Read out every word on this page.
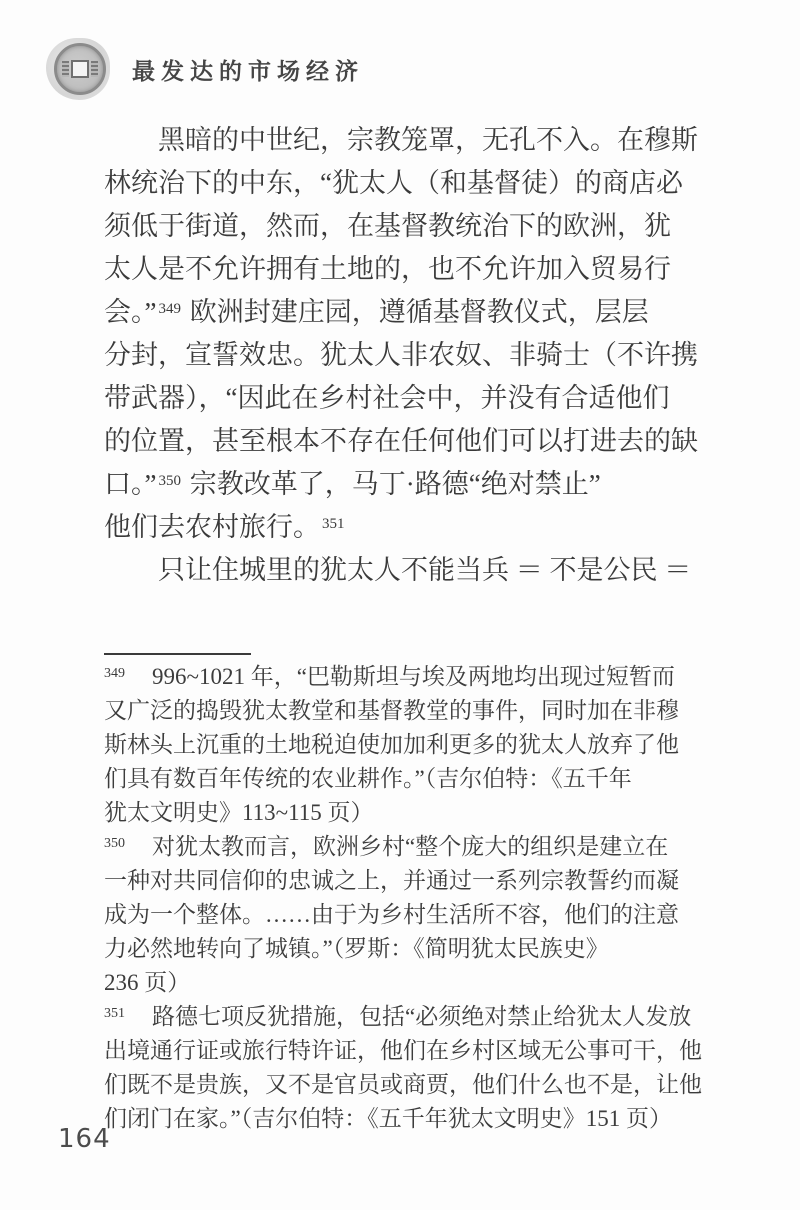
最发达的市场经济
黑暗的中世纪，宗教笼罩，无孔不入。在穆斯
林统治下的中东，“犹太人（和基督徒）的商店必
须低于街道，然而，在基督教统治下的欧洲，犹
太人是不允许拥有土地的，也不允许加入贸易行
会。” $^{349}$ 欧洲封建庄园，遵循基督教仪式，层层
分封，宣誓效忠。犹太人非农奴、非骑士（不许携
带武器），“因此在乡村社会中，并没有合适他们
的位置，甚至根本不存在任何他们可以打进去的缺
口。” $^{350}$ 宗教改革了，马丁·路德“绝对禁止”
他们去农村旅行。 $^{351}$
只让住城里的犹太人不能当兵 ＝ 不是公民 ＝
$^{349}$　996~1021 年，“巴勒斯坦与埃及两地均出现过短暂而
又广泛的捣毁犹太教堂和基督教堂的事件，同时加在非穆
斯林头上沉重的土地税迫使加加利更多的犹太人放弃了他
们具有数百年传统的农业耕作。”（吉尔伯特：《五千年
犹太文明史》113~115 页）
$^{350}$　对犹太教而言，欧洲乡村“整个庞大的组织是建立在
一种对共同信仰的忠诚之上，并通过一系列宗教誓约而凝
成为一个整体。……由于为乡村生活所不容，他们的注意
力必然地转向了城镇。”（罗斯：《简明犹太民族史》
236 页）
$^{351}$　路德七项反犹措施，包括“必须绝对禁止给犹太人发放
出境通行证或旅行特许证，他们在乡村区域无公事可干，他
们既不是贵族，又不是官员或商贾，他们什么也不是，让他
们闭门在家。”（吉尔伯特：《五千年犹太文明史》151 页）
164
